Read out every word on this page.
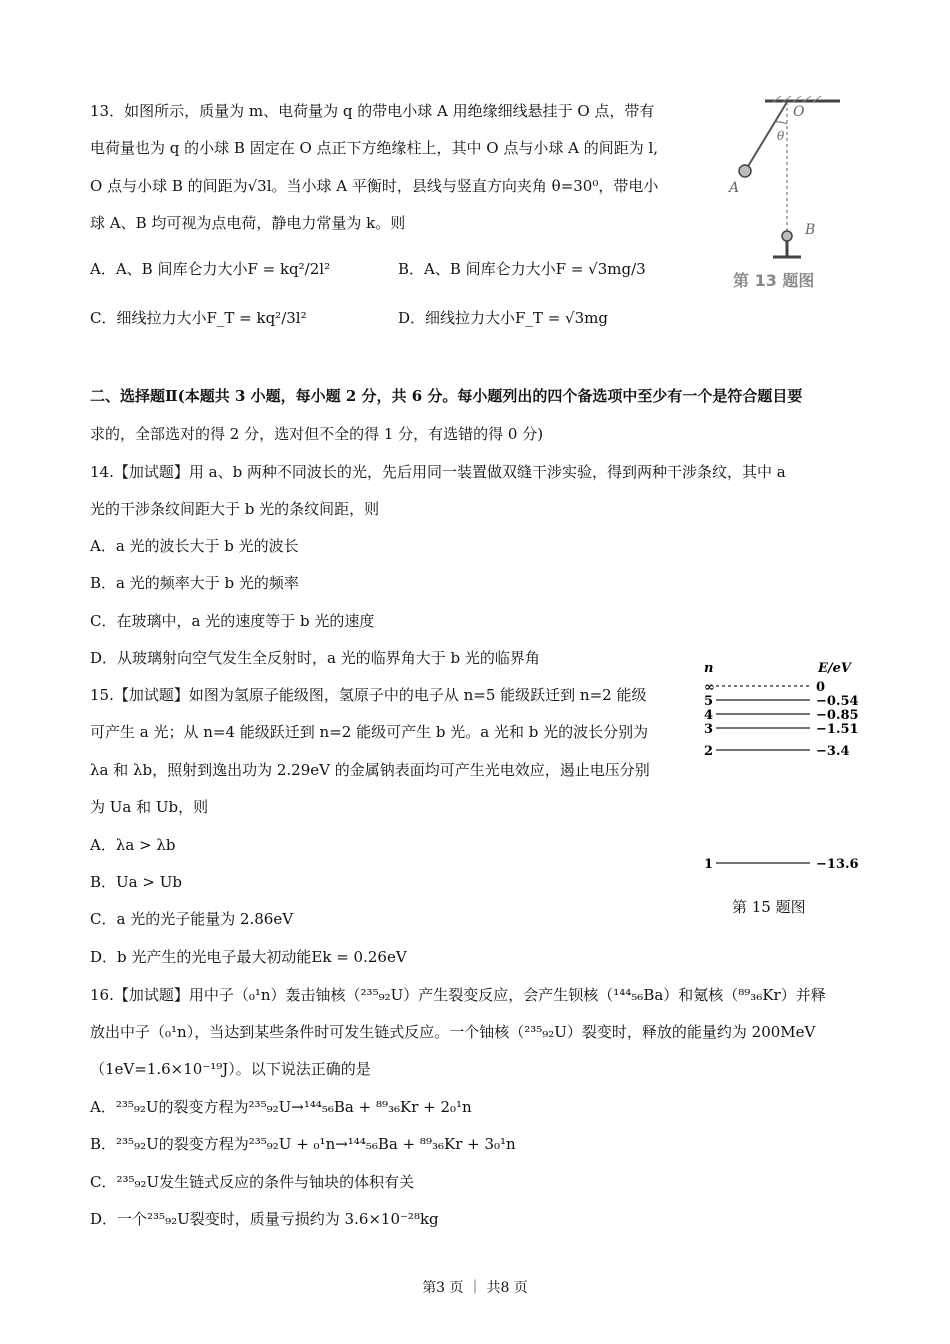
13．如图所示，质量为 m、电荷量为 q 的带电小球 A 用绝缘细线悬挂于 O 点，带有
电荷量也为 q 的小球 B 固定在 O 点正下方绝缘柱上，其中 O 点与小球 A 的间距为 l,
O 点与小球 B 的间距为√3l。当小球 A 平衡时，县线与竖直方向夹角 θ=30⁰，带电小
球 A、B 均可视为点电荷，静电力常量为 k。则
A．A、B 间库仑力大小F = kq²/2l²	B．A、B 间库仑力大小F = √3mg/3
C．细线拉力大小F_T = kq²/3l²	D．细线拉力大小F_T = √3mg
O
θ
A
B
第 13 题图
二、选择题Ⅱ(本题共 3 小题，每小题 2 分，共 6 分。每小题列出的四个备选项中至少有一个是符合题目要
求的，全部选对的得 2 分，选对但不全的得 1 分，有选错的得 0 分)
14.【加试题】用 a、b 两种不同波长的光，先后用同一装置做双缝干涉实验，得到两种干涉条纹，其中 a
光的干涉条纹间距大于 b 光的条纹间距，则
A．a 光的波长大于 b 光的波长
B．a 光的频率大于 b 光的频率
C．在玻璃中，a 光的速度等于 b 光的速度
D．从玻璃射向空气发生全反射时，a 光的临界角大于 b 光的临界角
15.【加试题】如图为氢原子能级图，氢原子中的电子从 n=5 能级跃迁到 n=2 能级
可产生 a 光；从 n=4 能级跃迁到 n=2 能级可产生 b 光。a 光和 b 光的波长分别为
λa 和 λb，照射到逸出功为 2.29eV 的金属钠表面均可产生光电效应，遏止电压分别
为 Ua 和 Ub，则
A．λa > λb
B．Ua > Ub
C．a 光的光子能量为 2.86eV
D．b 光产生的光电子最大初动能Ek = 0.26eV
n	E/eV
∞	0
5	−0.54
4	−0.85
3	−1.51
2	−3.4
1	−13.6
第 15 题图
16.【加试题】用中子（₀¹n）轰击铀核（²³⁵₉₂U）产生裂变反应，会产生钡核（¹⁴⁴₅₆Ba）和氪核（⁸⁹₃₆Kr）并释
放出中子（₀¹n），当达到某些条件时可发生链式反应。一个铀核（²³⁵₉₂U）裂变时，释放的能量约为 200MeV
（1eV=1.6×10⁻¹⁹J）。以下说法正确的是
A．²³⁵₉₂U的裂变方程为²³⁵₉₂U→¹⁴⁴₅₆Ba + ⁸⁹₃₆Kr + 2₀¹n
B．²³⁵₉₂U的裂变方程为²³⁵₉₂U + ₀¹n→¹⁴⁴₅₆Ba + ⁸⁹₃₆Kr + 3₀¹n
C．²³⁵₉₂U发生链式反应的条件与铀块的体积有关
D．一个²³⁵₉₂U裂变时，质量亏损约为 3.6×10⁻²⁸kg
第3 页 ｜ 共8 页
